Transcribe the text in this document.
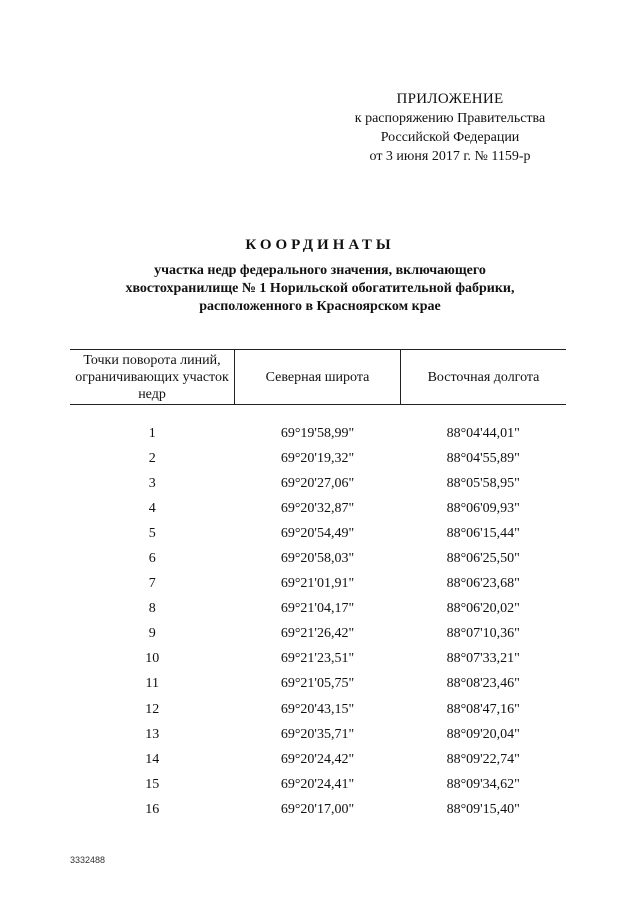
ПРИЛОЖЕНИЕ
к распоряжению Правительства
Российской Федерации
от 3 июня 2017 г. № 1159-р
КООРДИНАТЫ
участка недр федерального значения, включающего
хвостохранилище № 1 Норильской обогатительной фабрики,
расположенного в Красноярском крае
Точки поворота линий, ограничивающих участок недр	Северная широта	Восточная долгота

1	69°19'58,99"	88°04'44,01"
2	69°20'19,32"	88°04'55,89"
3	69°20'27,06"	88°05'58,95"
4	69°20'32,87"	88°06'09,93"
5	69°20'54,49"	88°06'15,44"
6	69°20'58,03"	88°06'25,50"
7	69°21'01,91"	88°06'23,68"
8	69°21'04,17"	88°06'20,02"
9	69°21'26,42"	88°07'10,36"
10	69°21'23,51"	88°07'33,21"
11	69°21'05,75"	88°08'23,46"
12	69°20'43,15"	88°08'47,16"
13	69°20'35,71"	88°09'20,04"
14	69°20'24,42"	88°09'22,74"
15	69°20'24,41"	88°09'34,62"
16	69°20'17,00"	88°09'15,40"
3332488
